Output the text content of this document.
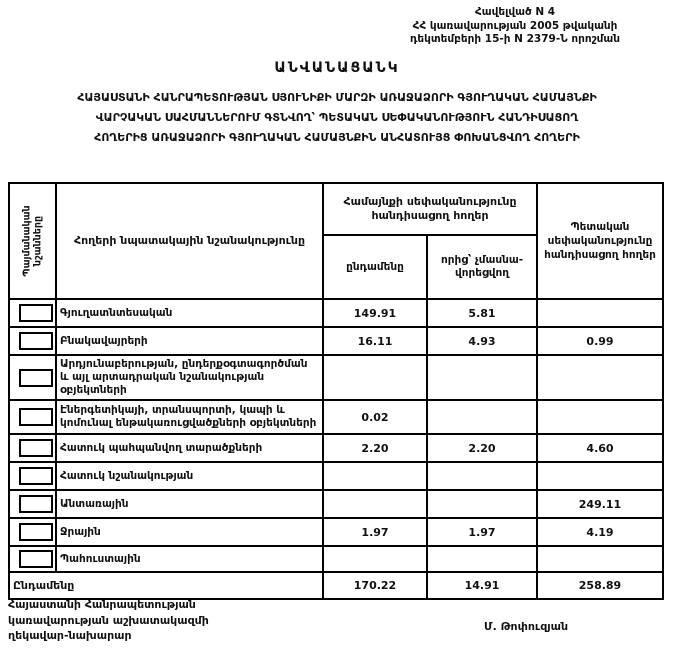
Հավելված N 4
ՀՀ կառավարության 2005 թվականի
դեկտեմբերի 15-ի N 2379-Ն որոշման
ԱՆՎԱՆԱՑԱՆԿ
ՀԱՅԱՍՏԱՆԻ ՀԱՆՐԱՊԵՏՈՒԹՅԱՆ ՍՅՈՒՆԻՔԻ ՄԱՐԶԻ ԱՌԱՋԱՁՈՐԻ ԳՅՈՒՂԱԿԱՆ ՀԱՄԱՅՆՔԻ
ՎԱՐՉԱԿԱՆ ՍԱՀՄԱՆՆԵՐՈՒՄ ԳՏՆՎՈՂ՝ ՊԵՏԱԿԱՆ ՍԵՓԱԿԱՆՈՒԹՅՈՒՆ ՀԱՆԴԻՍԱՑՈՂ
ՀՈՂԵՐԻՑ ԱՌԱՋԱՁՈՐԻ ԳՅՈՒՂԱԿԱՆ ՀԱՄԱՅՆՔԻՆ ԱՆՀԱՏՈՒՅՑ ՓՈԽԱՆՑՎՈՂ ՀՈՂԵՐԻ
Պայմանական նշանները	Հողերի նպատակային նշանակությունը	Համայնքի սեփականությունը հանդիսացող հողեր		Պետական սեփականությունը հանդիսացող հողեր
		ընդամենը	որից՝ չմասնա-վորեցվող	

	Գյուղատնտեսական	149.91	5.81	

	Բնակավայրերի	16.11	4.93	0.99

	Արդյունաբերության, ընդերքօգտագործման և այլ արտադրական նշանակության օբյեկտների			

	Էներգետիկայի, տրանսպորտի, կապի և կոմունալ ենթակառուցվածքների օբյեկտների	0.02		

	Հատուկ պահպանվող տարածքների	2.20	2.20	4.60

	Հատուկ նշանակության			

	Անտառային			249.11

	Ջրային	1.97	1.97	4.19

	Պահուստային			
Ընդամենը		170.22	14.91	258.89
Հայաստանի Հանրապետության
կառավարության աշխատակազմի
ղեկավար-նախարար
Մ. Թոփուզյան
